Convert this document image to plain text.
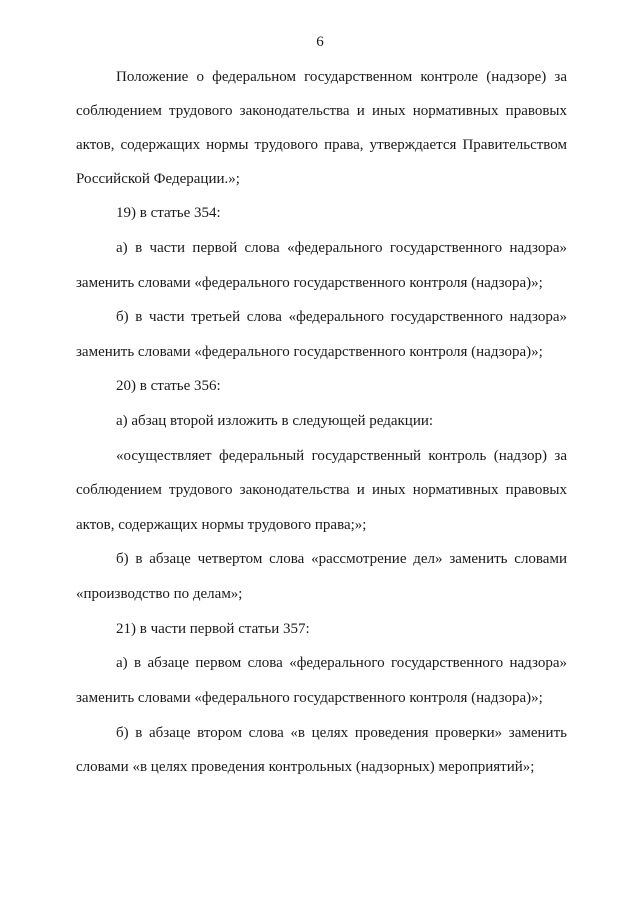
6
Положение о федеральном государственном контроле (надзоре) за
соблюдением трудового законодательства и иных нормативных правовых
актов, содержащих нормы трудового права, утверждается Правительством
Российской Федерации.»;
19) в статье 354:
а) в части первой слова «федерального государственного надзора»
заменить словами «федерального государственного контроля (надзора)»;
б) в части третьей слова «федерального государственного надзора»
заменить словами «федерального государственного контроля (надзора)»;
20) в статье 356:
а) абзац второй изложить в следующей редакции:
«осуществляет федеральный государственный контроль (надзор) за
соблюдением трудового законодательства и иных нормативных правовых
актов, содержащих нормы трудового права;»;
б) в абзаце четвертом слова «рассмотрение дел» заменить словами
«производство по делам»;
21) в части первой статьи 357:
а) в абзаце первом слова «федерального государственного надзора»
заменить словами «федерального государственного контроля (надзора)»;
б) в абзаце втором слова «в целях проведения проверки» заменить
словами «в целях проведения контрольных (надзорных) мероприятий»;
